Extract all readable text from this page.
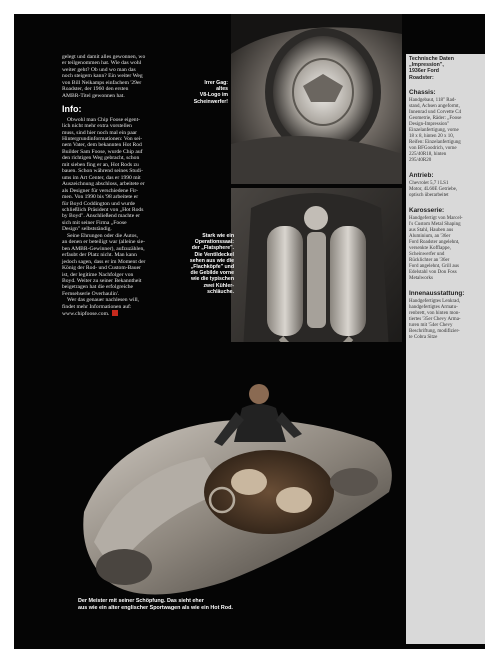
gelegt und damit alles gewonnen, wo
er teilgenommen hat. Wie das wohl
weiter geht? Ob und wo man das
noch steigern kann? Ein weiter Weg
von Bill Neikamps einfachem '29er
Roadster, der 1960 den ersten
AMBR-Titel gewonnen hat.
Info:
Obwohl man Chip Foose eigent-
lich nicht mehr extra vorstellen
muss, sind hier noch mal ein paar
Hintergrundinformationen: Von sei-
nem Vater, dem bekannten Hot Rod
Builder Sam Foose, wurde Chip auf
den richtigen Weg gebracht, schon
mit sieben fing er an, Hot Rods zu
bauen. Schon während seines Studi-
ums im Art Center, das er 1990 mit
Auszeichnung abschloss, arbeitete er
als Designer für verschiedene Fir-
men. Von 1990 bis '98 arbeitete er
für Boyd Coddington und wurde
schließlich Präsident von „Hot Rods
by Boyd". Anschließend machte er
sich mit seiner Firma „Foose
Design" selbstständig.
Seine Ehrungen oder die Autos,
an denen er beteiligt war (alleine sie-
ben AMBR-Gewinner), aufzuzählen,
erfaubt der Platz nicht. Man kann
jedoch sagen, dass er im Moment der
König der Rod- und Custom-Bauer
ist, der legitime Nachfolger von
Boyd. Weiter zu seiner Bekanntheit
beigetragen hat die erfolgreiche
Fernsehserie Overhaulin'.
Wer das genauer nachlesen will,
findet mehr Informationen auf:
www.chipfoose.com.
Irrer Gag:
altes
V8-Logo im
Scheinwerfer!
Stark wie ein
Operationssaal:
der „Flatsphere".
Die Ventildeckel
sehen aus wie die
„Flachköpfe" und
die Gebilde vorne
wie die typischen
zwei Kühler-
schläuche.
Der Meister mit seiner Schöpfung. Das sieht eher
aus wie ein alter englischer Sportwagen als wie ein Hot Rod.
Technische Daten
„Impression",
1936er Ford
Roadster:
Chassis:
Handgebaut, 118" Rad-
stand, Achsen angeformt,
Innenrad und Corvette C4
Geometrie, Räder: „Foose
Design-Impression"
Einzelanfertigung, vorne
18 x 8, hinten 20 x 10,
Reifen: Einzelanfertigung
von BFGoodrich, vorne
225/40R18, hinten
295/40R20
Antrieb:
Chevrolet 5,7 l LS1
Motor, 4L60E Getriebe,
optisch überarbeitet
Karosserie:
Handgefertigt von Marcel-
l's Custom Metal Shaping
aus Stahl, Hauben aus
Aluminium, an '36er
Ford Roadster angelehnt,
versenkte Kofflappe,
Scheinwerfer und
Rücklichter an '36er
Ford angelehnt, Grill aus
Edelstahl von Don Foss
Metalworks
Innenausstattung:
Handgefertigtes Lenkrad,
handgefertigtes Armatu-
renbrett, von hinten mon-
tiertes '35er Chevy Arma-
turen mit '54er Chevy
Beschriftung, modifizier-
te Cobra Sitze
